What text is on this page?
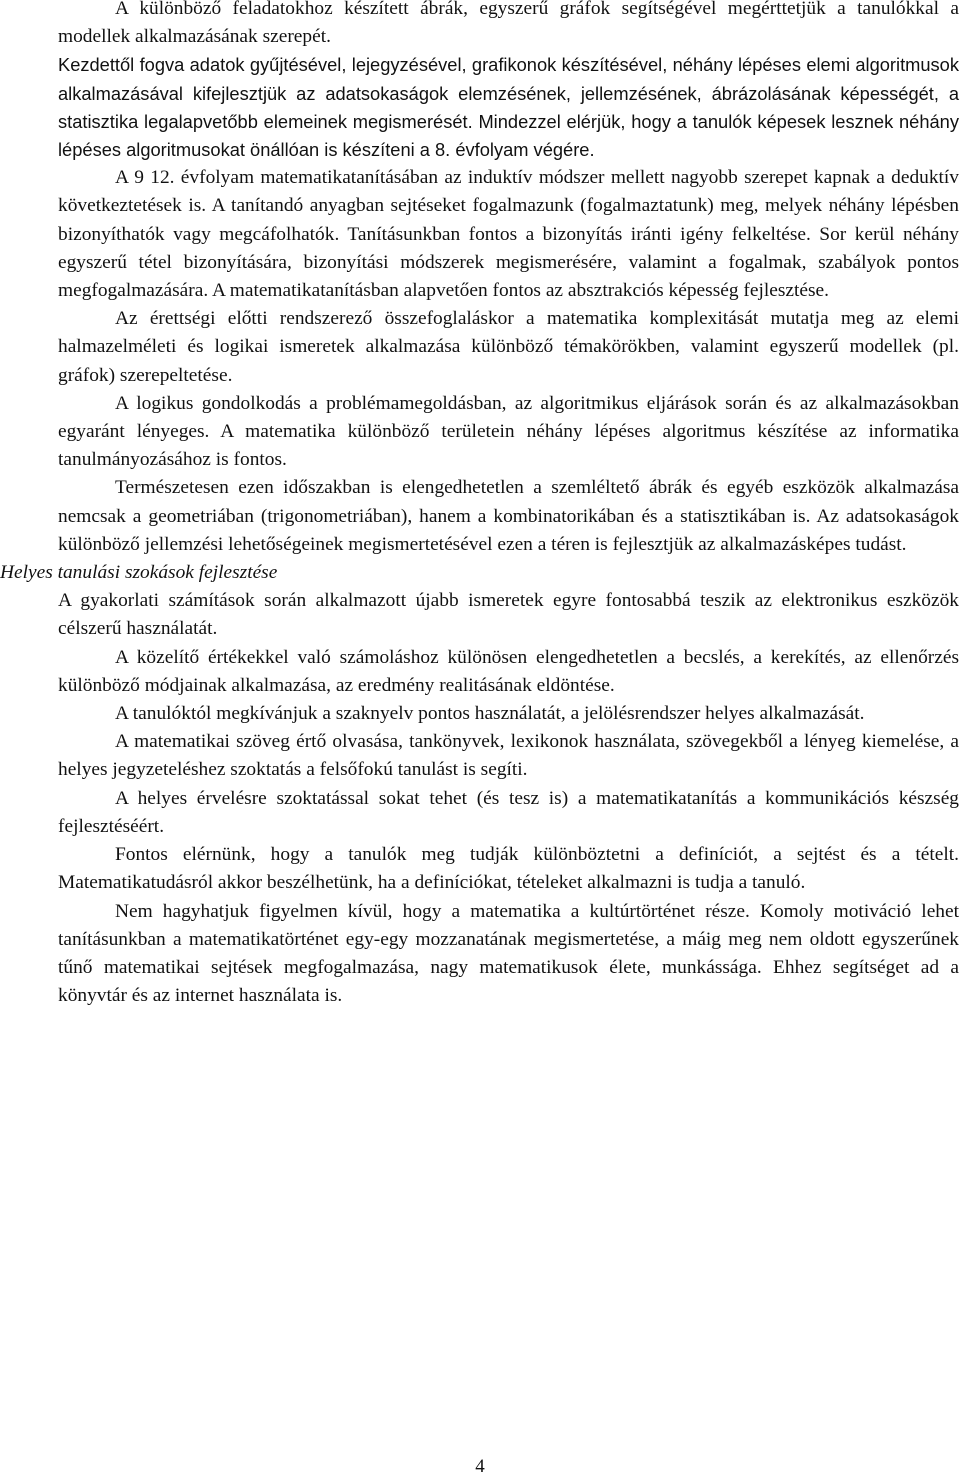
A különböző feladatokhoz készített ábrák, egyszerű gráfok segítségével megérttetjük a tanulókkal a modellek alkalmazásának szerepét.

Kezdettől fogva adatok gyűjtésével, lejegyzésével, grafikonok készítésével, néhány lépéses elemi algoritmusok alkalmazásával kifejlesztjük az adatsokaságok elemzésének, jellemzésének, ábrázolásának képességét, a statisztika legalapvetőbb elemeinek megismerését. Mindezzel elérjük, hogy a tanulók képesek lesznek néhány lépéses algoritmusokat önállóan is készíteni a 8. évfolyam végére.

A 9 12. évfolyam matematikatanításában az induktív módszer mellett nagyobb szerepet kapnak a deduktív következtetések is. A tanítandó anyagban sejtéseket fogalmazunk (fogalmaztatunk) meg, melyek néhány lépésben bizonyíthatók vagy megcáfolhatók. Tanításunkban fontos a bizonyítás iránti igény felkeltése. Sor kerül néhány egyszerű tétel bizonyítására, bizonyítási módszerek megismerésére, valamint a fogalmak, szabályok pontos megfogalmazására. A matematikatanításban alapvetően fontos az absztrakciós képesség fejlesztése.

Az érettségi előtti rendszerező összefoglaláskor a matematika komplexitását mutatja meg az elemi halmazelméleti és logikai ismeretek alkalmazása különböző témakörökben, valamint egyszerű modellek (pl. gráfok) szerepeltetése.

A logikus gondolkodás a problémamegoldásban, az algoritmikus eljárások során és az alkalmazásokban egyaránt lényeges. A matematika különböző területein néhány lépéses algoritmus készítése az informatika tanulmányozásához is fontos.

Természetesen ezen időszakban is elengedhetetlen a szemléltető ábrák és egyéb eszközök alkalmazása nemcsak a geometriában (trigonometriában), hanem a kombinatorikában és a statisztikában is. Az adatsokaságok különböző jellemzési lehetőségeinek megismertetésével ezen a téren is fejlesztjük az alkalmazásképes tudást.

Helyes tanulási szokások fejlesztése

A gyakorlati számítások során alkalmazott újabb ismeretek egyre fontosabbá teszik az elektronikus eszközök célszerű használatát.

A közelítő értékekkel való számoláshoz különösen elengedhetetlen a becslés, a kerekítés, az ellenőrzés különböző módjainak alkalmazása, az eredmény realitásának eldöntése.

A tanulóktól megkívánjuk a szaknyelv pontos használatát, a jelölésrendszer helyes alkalmazását.

A matematikai szöveg értő olvasása, tankönyvek, lexikonok használata, szövegekből a lényeg kiemelése, a helyes jegyzeteléshez szoktatás a felsőfokú tanulást is segíti.

A helyes érvelésre szoktatással sokat tehet (és tesz is) a matematikatanítás a kommunikációs készség fejlesztéséért.

Fontos elérnünk, hogy a tanulók meg tudják különböztetni a definíciót, a sejtést és a tételt. Matematikatudásról akkor beszélhetünk, ha a definíciókat, tételeket alkalmazni is tudja a tanuló.

Nem hagyhatjuk figyelmen kívül, hogy a matematika a kultúrtörténet része. Komoly motiváció lehet tanításunkban a matematikatörténet egy-egy mozzanatának megismertetése, a máig meg nem oldott egyszerűnek tűnő matematikai sejtések megfogalmazása, nagy matematikusok élete, munkássága. Ehhez segítséget ad a könyvtár és az internet használata is.

4
